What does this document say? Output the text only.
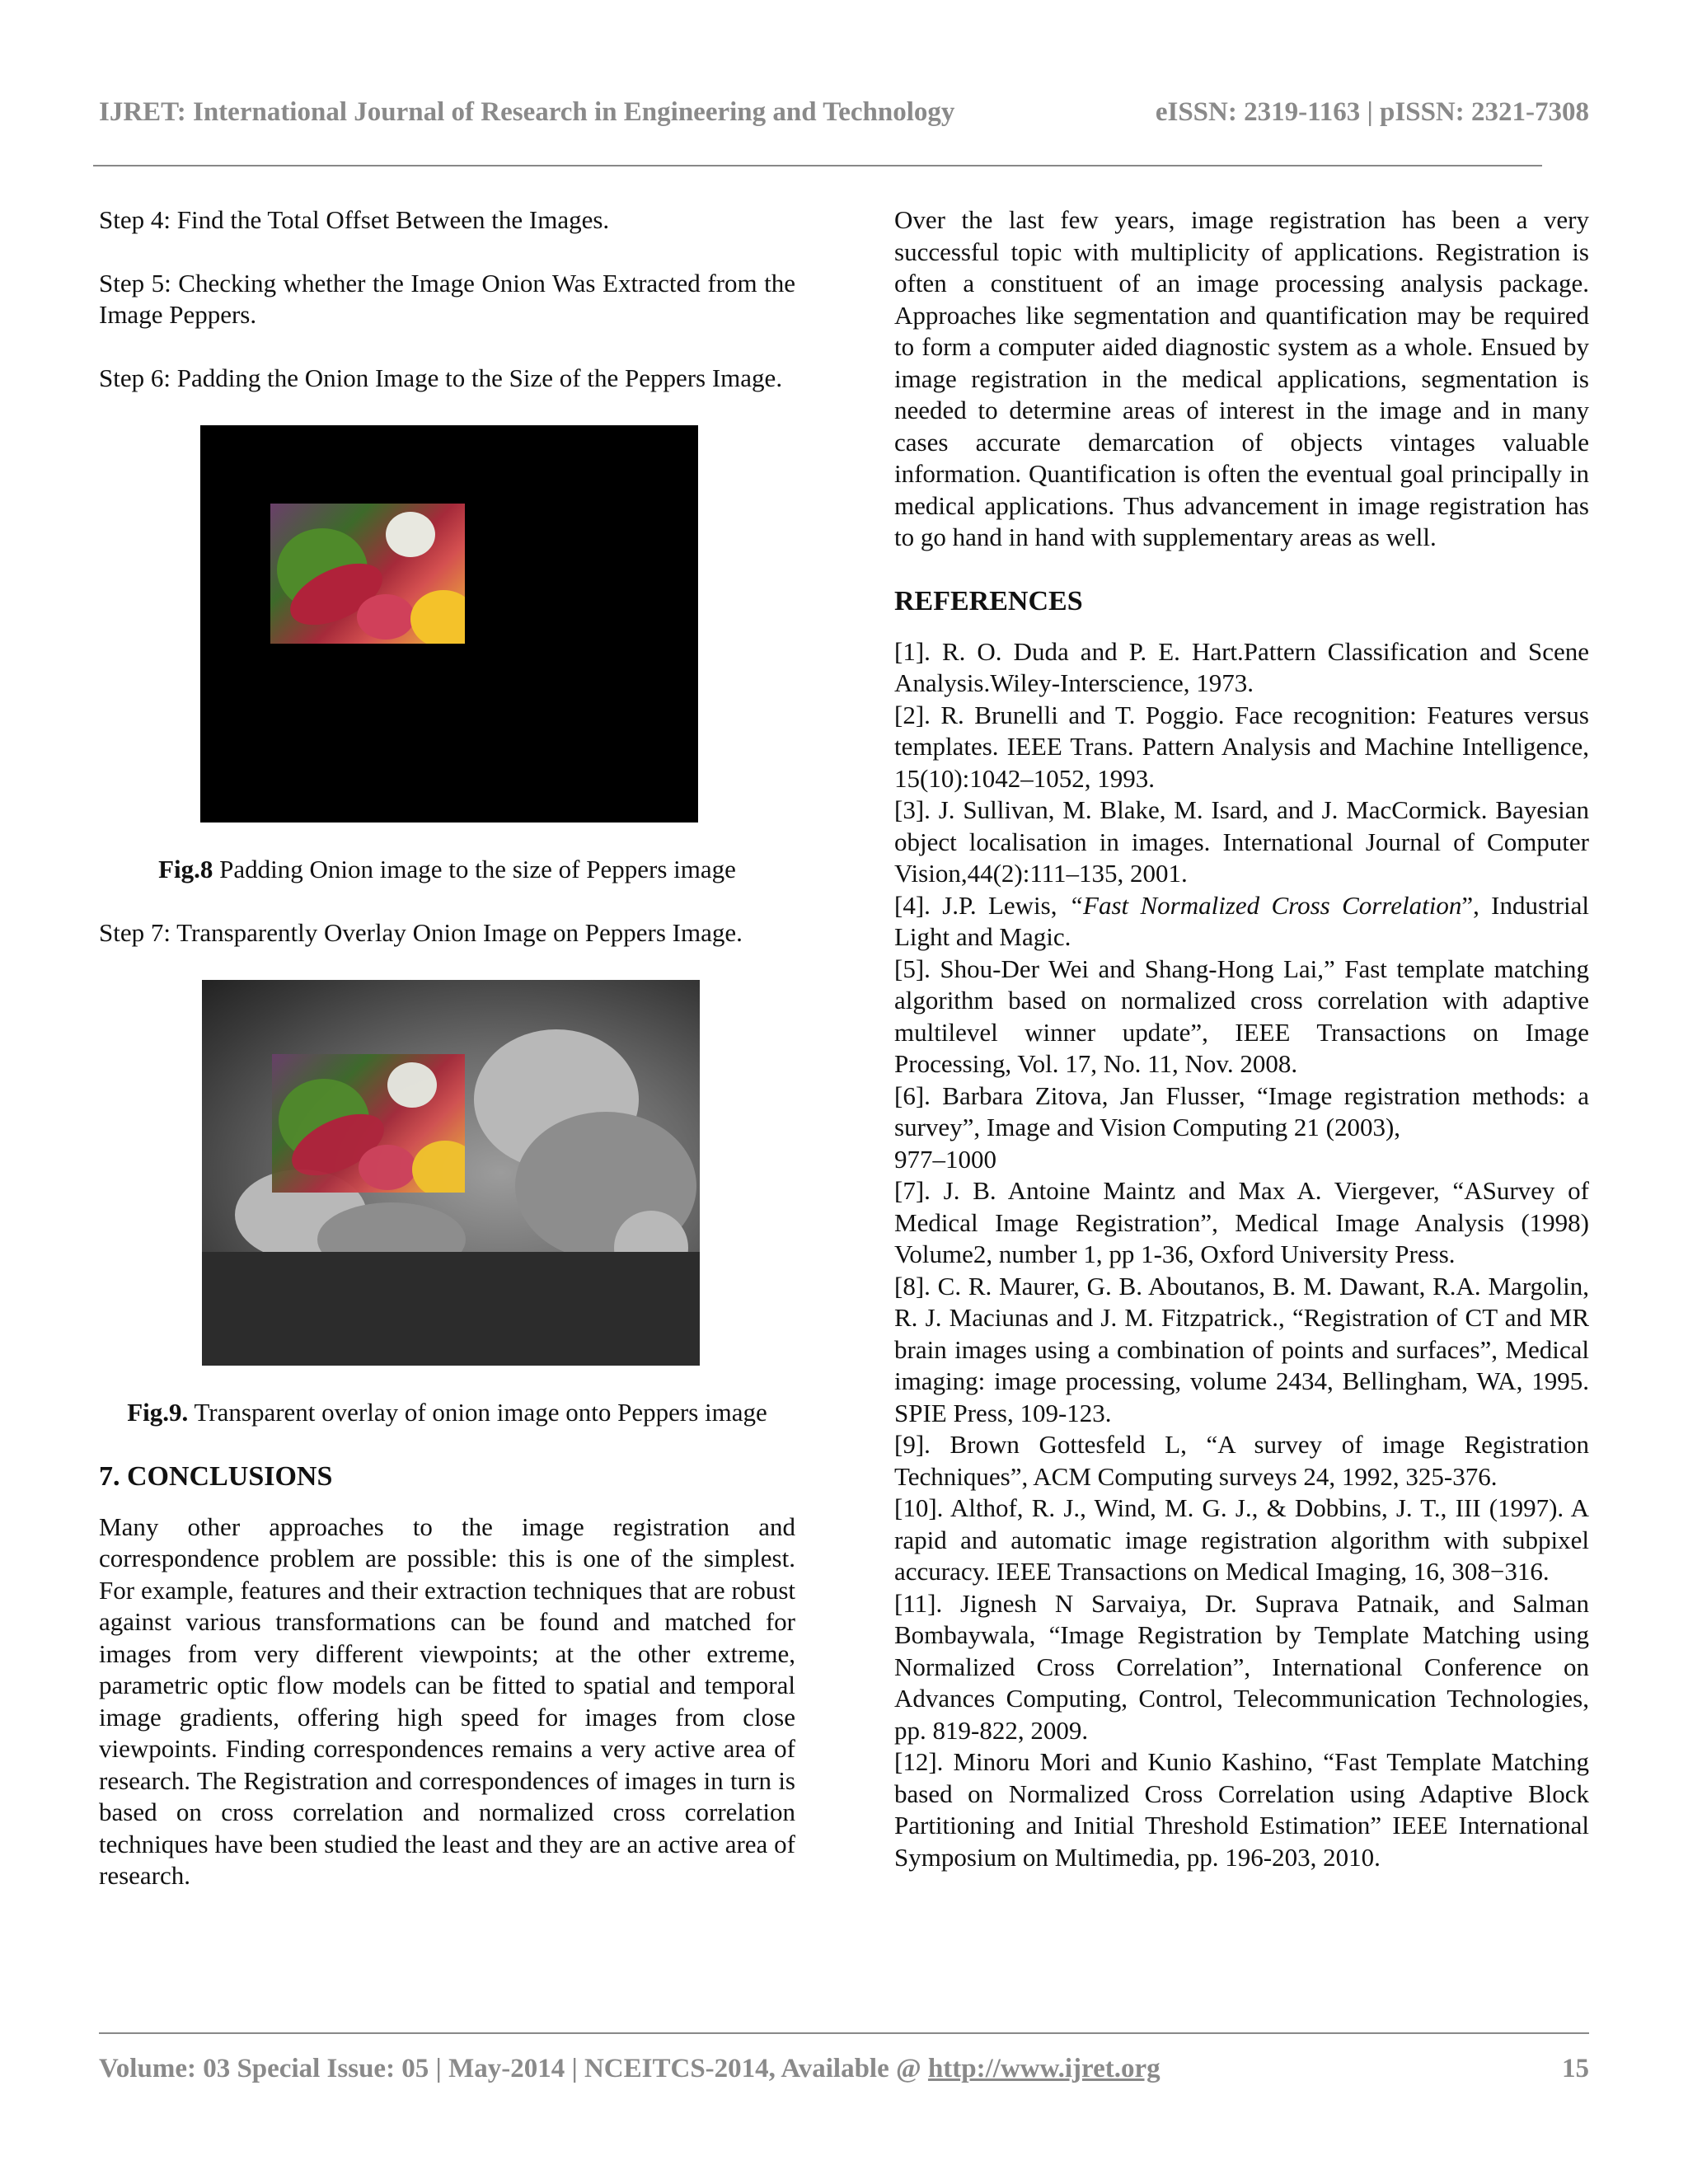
IJRET: International Journal of Research in Engineering and Technology	eISSN: 2319-1163 | pISSN: 2321-7308

Step 4: Find the Total Offset Between the Images.

Step 5: Checking whether the Image Onion Was Extracted from the Image Peppers.

Step 6: Padding the Onion Image to the Size of the Peppers Image.

Fig.8 Padding Onion image to the size of Peppers image

Step 7: Transparently Overlay Onion Image on Peppers Image.

Fig.9. Transparent overlay of onion image onto Peppers image

7. CONCLUSIONS

Many other approaches to the image registration and correspondence problem are possible: this is one of the simplest. For example, features and their extraction techniques that are robust against various transformations can be found and matched for images from very different viewpoints; at the other extreme, parametric optic flow models can be fitted to spatial and temporal image gradients, offering high speed for images from close viewpoints. Finding correspondences remains a very active area of research. The Registration and correspondences of images in turn is based on cross correlation and normalized cross correlation techniques have been studied the least and they are an active area of research.

Over the last few years, image registration has been a very successful topic with multiplicity of applications. Registration is often a constituent of an image processing analysis package. Approaches like segmentation and quantification may be required to form a computer aided diagnostic system as a whole. Ensued by image registration in the medical applications, segmentation is needed to determine areas of interest in the image and in many cases accurate demarcation of objects vintages valuable information. Quantification is often the eventual goal principally in medical applications. Thus advancement in image registration has to go hand in hand with supplementary areas as well.

REFERENCES

[1]. R. O. Duda and P. E. Hart.Pattern Classification and Scene Analysis.Wiley-Interscience, 1973.

[2]. R. Brunelli and T. Poggio. Face recognition: Features versus templates. IEEE Trans. Pattern Analysis and Machine Intelligence, 15(10):1042–1052, 1993.

[3]. J. Sullivan, M. Blake, M. Isard, and J. MacCormick. Bayesian object localisation in images. International Journal of Computer Vision,44(2):111–135, 2001.

[4]. J.P. Lewis, “Fast Normalized Cross Correlation”, Industrial Light and Magic.

[5]. Shou-Der Wei and Shang-Hong Lai,” Fast template matching algorithm based on normalized cross correlation with adaptive multilevel winner update”, IEEE Transactions on Image Processing, Vol. 17, No. 11, Nov. 2008.

[6]. Barbara Zitova, Jan Flusser, “Image registration methods: a survey”, Image and Vision Computing 21 (2003),

977–1000

[7]. J. B. Antoine Maintz and Max A. Viergever, “ASurvey of Medical Image Registration”, Medical Image Analysis (1998) Volume2, number 1, pp 1-36, Oxford University Press.

[8]. C. R. Maurer, G. B. Aboutanos, B. M. Dawant, R.A. Margolin, R. J. Maciunas and J. M. Fitzpatrick., “Registration of CT and MR brain images using a combination of points and surfaces”, Medical imaging: image processing, volume 2434, Bellingham, WA, 1995. SPIE Press, 109-123.

[9]. Brown Gottesfeld L, “A survey of image Registration Techniques”, ACM Computing surveys 24, 1992, 325-376.

[10]. Althof, R. J., Wind, M. G. J., & Dobbins, J. T., III (1997). A rapid and automatic image registration algorithm with subpixel accuracy. IEEE Transactions on Medical Imaging, 16, 308−316.

[11]. Jignesh N Sarvaiya, Dr. Suprava Patnaik, and Salman Bombaywala, “Image Registration by Template Matching using Normalized Cross Correlation”, International Conference on Advances Computing, Control, Telecommunication Technologies, pp. 819-822, 2009.

[12]. Minoru Mori and Kunio Kashino, “Fast Template Matching based on Normalized Cross Correlation using Adaptive Block Partitioning and Initial Threshold Estimation” IEEE International Symposium on Multimedia, pp. 196-203, 2010.

Volume: 03 Special Issue: 05 | May-2014 | NCEITCS-2014, Available @ http://www.ijret.org	15
